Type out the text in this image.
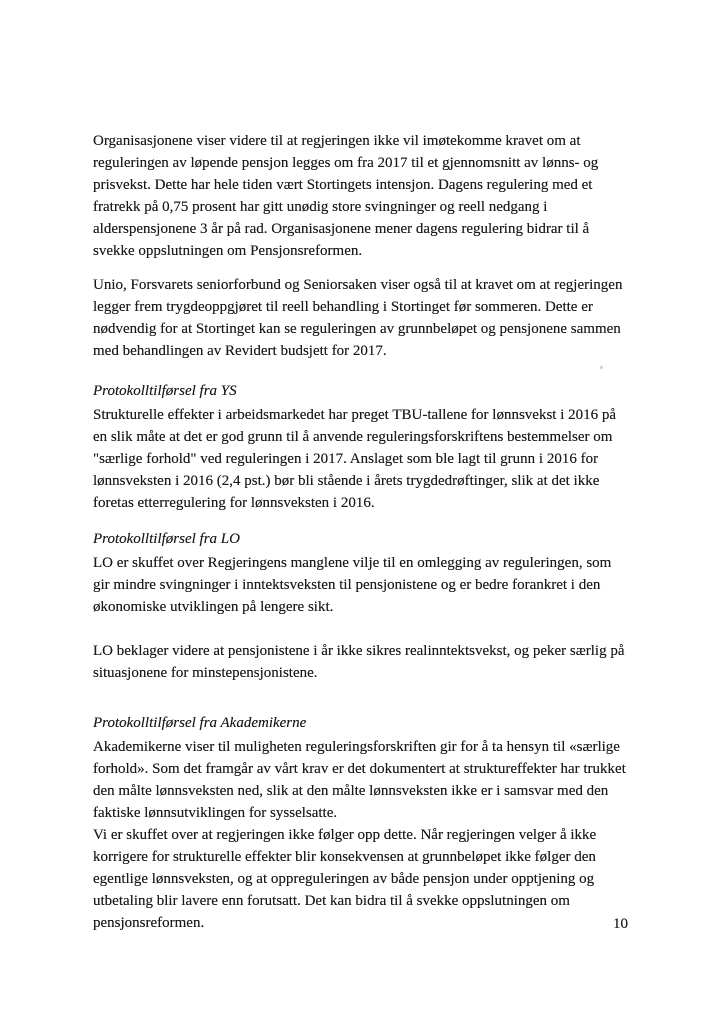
Organisasjonene viser videre til at regjeringen ikke vil imøtekomme kravet om at reguleringen av løpende pensjon legges om fra 2017 til et gjennomsnitt av lønns- og prisvekst. Dette har hele tiden vært Stortingets intensjon. Dagens regulering med et fratrekk på 0,75 prosent har gitt unødig store svingninger og reell nedgang i alderspensjonene 3 år på rad. Organisasjonene mener dagens regulering bidrar til å svekke oppslutningen om Pensjonsreformen.

Unio, Forsvarets seniorforbund og Seniorsaken viser også til at kravet om at regjeringen legger frem trygdeoppgjøret til reell behandling i Stortinget før sommeren. Dette er nødvendig for at Stortinget kan se reguleringen av grunnbeløpet og pensjonene sammen med behandlingen av Revidert budsjett for 2017.

Protokolltilførsel fra YS

Strukturelle effekter i arbeidsmarkedet har preget TBU-tallene for lønnsvekst i 2016 på en slik måte at det er god grunn til å anvende reguleringsforskriftens bestemmelser om "særlige forhold" ved reguleringen i 2017. Anslaget som ble lagt til grunn i 2016 for lønnsveksten i 2016 (2,4 pst.) bør bli stående i årets trygdedrøftinger, slik at det ikke foretas etterregulering for lønnsveksten i 2016.

Protokolltilførsel fra LO

LO er skuffet over Regjeringens manglene vilje til en omlegging av reguleringen, som gir mindre svingninger i inntektsveksten til pensjonistene og er bedre forankret i den økonomiske utviklingen på lengere sikt.

LO beklager videre at pensjonistene i år ikke sikres realinntektsvekst, og peker særlig på situasjonene for minstepensjonistene.

Protokolltilførsel fra Akademikerne

Akademikerne viser til muligheten reguleringsforskriften gir for å ta hensyn til «særlige forhold». Som det framgår av vårt krav er det dokumentert at struktureffekter har trukket den målte lønnsveksten ned, slik at den målte lønnsveksten ikke er i samsvar med den faktiske lønnsutviklingen for sysselsatte.

Vi er skuffet over at regjeringen ikke følger opp dette. Når regjeringen velger å ikke korrigere for strukturelle effekter blir konsekvensen at grunnbeløpet ikke følger den egentlige lønnsveksten, og at oppreguleringen av både pensjon under opptjening og utbetaling blir lavere enn forutsatt. Det kan bidra til å svekke oppslutningen om pensjonsreformen.	10
